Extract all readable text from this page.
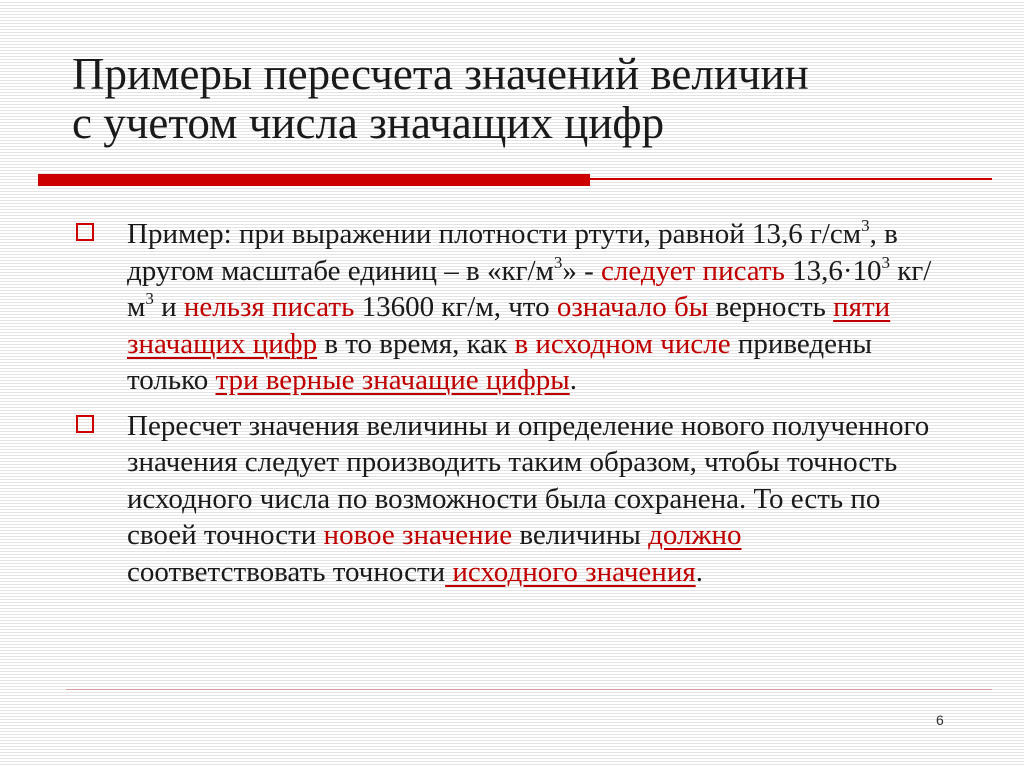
Примеры пересчета значений величин
с учетом числа значащих цифр
Пример: при выражении плотности ртути, равной 13,6 $г/см^3$, в другом масштабе единиц – в «$кг/м^3$» - следует писать $13,6\cdot 10^3$ $кг/м^3$ и нельзя писать 13600 кг/м, что означало бы верность пяти значащих цифр в то время, как в исходном числе приведены только три верные значащие цифры.
Пересчет значения величины и определение нового полученного значения следует производить таким образом, чтобы точность исходного числа по возможности была сохранена. То есть по своей точности новое значение величины должно соответствовать точности исходного значения.
6
